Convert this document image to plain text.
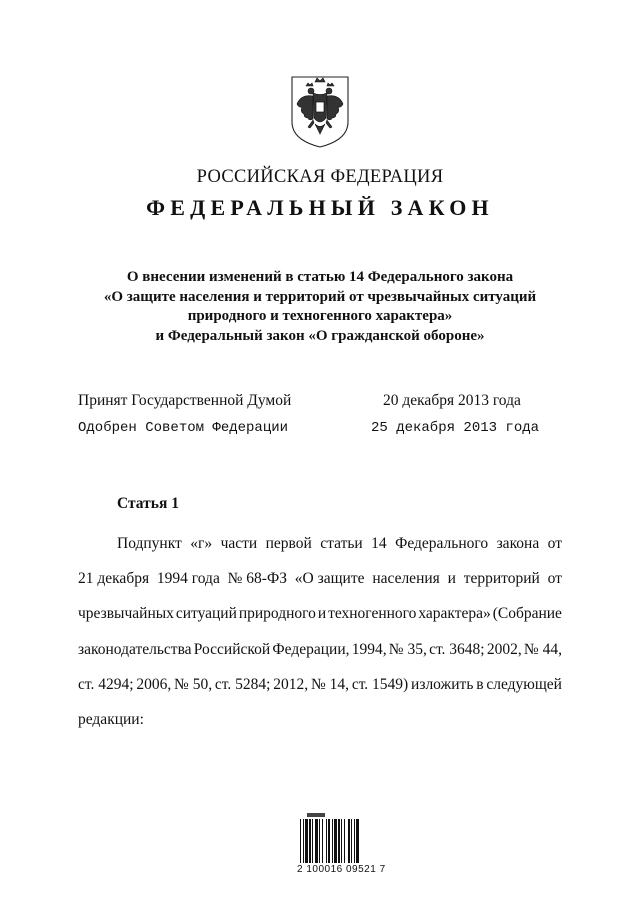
РОССИЙСКАЯ ФЕДЕРАЦИЯ
ФЕДЕРАЛЬНЫЙ ЗАКОН
О внесении изменений в статью 14 Федерального закона
«О защите населения и территорий от чрезвычайных ситуаций
природного и техногенного характера»
и Федеральный закон «О гражданской обороне»
Принят Государственной Думой	20 декабря 2013 года
Одобрен Советом Федерации	25 декабря 2013 года
Статья 1
Подпункт «г» части первой статьи 14 Федерального закона от
21 декабря 1994 года № 68-ФЗ «О защите населения и территорий от
чрезвычайных ситуаций природного и техногенного характера» (Собрание
законодательства Российской Федерации, 1994, № 35, ст. 3648; 2002, № 44,
ст. 4294; 2006, № 50, ст. 5284; 2012, № 14, ст. 1549) изложить в следующей
редакции:
2 100016 09521 7
